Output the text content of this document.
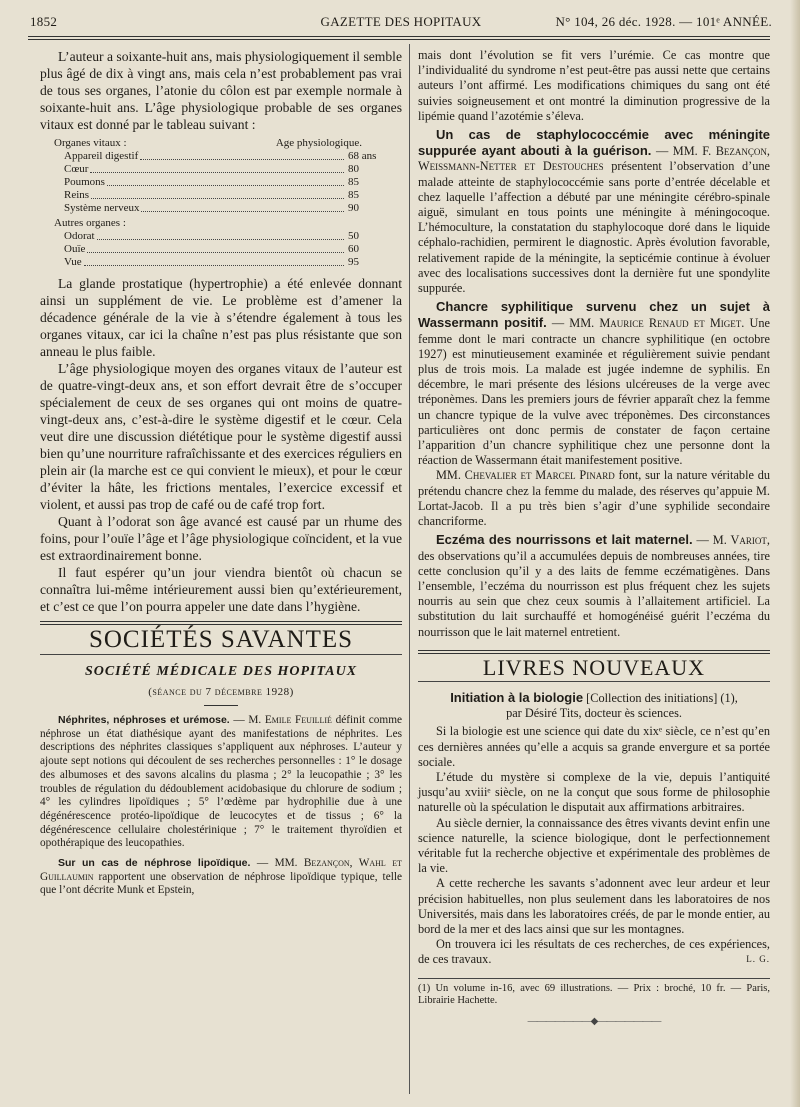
1852	GAZETTE DES HOPITAUX	N° 104, 26 déc. 1928. — 101ᵉ ANNÉE.

L’auteur a soixante-huit ans, mais physiologiquement il semble plus âgé de dix à vingt ans, mais cela n’est probablement pas vrai de tous ses organes, l’atonie du côlon est par exemple normale à soixante-huit ans. L’âge physiologique probable de ses organes vitaux est donné par le tableau suivant :

Organes vitaux :	Age physiologique.
Appareil digestif	68 ans
Cœur	80
Poumons	85
Reins	85
Système nerveux	90
Autres organes :
Odorat	50
Ouïe	60
Vue	95

La glande prostatique (hypertrophie) a été enlevée donnant ainsi un supplément de vie. Le problème est d’amener la décadence générale de la vie à s’étendre également à tous les organes vitaux, car ici la chaîne n’est pas plus résistante que son anneau le plus faible.

L’âge physiologique moyen des organes vitaux de l’auteur est de quatre-vingt-deux ans, et son effort devrait être de s’occuper spécialement de ceux de ses organes qui ont moins de quatre-vingt-deux ans, c’est-à-dire le système digestif et le cœur. Cela veut dire une discussion diététique pour le système digestif aussi bien qu’une nourriture rafraîchissante et des exercices réguliers en plein air (la marche est ce qui convient le mieux), et pour le cœur d’éviter la hâte, les frictions mentales, l’exercice excessif et violent, et aussi pas trop de café ou de café trop fort.

Quant à l’odorat son âge avancé est causé par un rhume des foins, pour l’ouïe l’âge et l’âge physiologique coïncident, et la vue est extraordinairement bonne.

Il faut espérer qu’un jour viendra bientôt où chacun se connaîtra lui-même intérieurement aussi bien qu’extérieurement, et c’est ce que l’on pourra appeler une date dans l’hygiène.

SOCIÉTÉS SAVANTES
SOCIÉTÉ MÉDICALE DES HOPITAUX
(séance du 7 décembre 1928)

Néphrites, néphroses et urémose. — M. Emile Feuillié définit comme néphrose un état diathésique ayant des manifestations de néphrites. Les descriptions des néphrites classiques s’appliquent aux néphroses. L’auteur y ajoute sept notions qui découlent de ses recherches personnelles : 1° le dosage des albumoses et des savons alcalins du plasma ; 2° la leucopathie ; 3° les troubles de régulation du dédoublement acidobasique du chlorure de sodium ; 4° les cylindres lipoïdiques ; 5° l’œdème par hydrophilie due à une dégénérescence protéo-lipoïdique de leucocytes et de tissus ; 6° la dégénérescence cellulaire cholestérinique ; 7° le traitement thyroïdien et opothérapique des leucopathies.

Sur un cas de néphrose lipoïdique. — MM. Bezançon, Wahl et Guillaumin rapportent une observation de néphrose lipoïdique typique, telle que l’ont décrite Munk et Epstein,

mais dont l’évolution se fit vers l’urémie. Ce cas montre que l’individualité du syndrome n’est peut-être pas aussi nette que certains auteurs l’ont affirmé. Les modifications chimiques du sang ont été suivies soigneusement et ont montré la diminution progressive de la lipémie quand l’azotémie s’éleva.

Un cas de staphylococcémie avec méningite suppurée ayant abouti à la guérison. — MM. F. Bezançon, Weissmann-Netter et Destouches présentent l’observation d’une malade atteinte de staphylococcémie sans porte d’entrée décelable et chez laquelle l’affection a débuté par une méningite cérébro-spinale aiguë, simulant en tous points une méningite à méningocoque. L’hémoculture, la constatation du staphylocoque doré dans le liquide céphalo-rachidien, permirent le diagnostic. Après évolution favorable, relativement rapide de la méningite, la septicémie continue à évoluer avec des localisations successives dont la dernière fut une spondylite suppurée.

Chancre syphilitique survenu chez un sujet à Wassermann positif. — MM. Maurice Renaud et Miget. Une femme dont le mari contracte un chancre syphilitique (en octobre 1927) est minutieusement examinée et régulièrement suivie pendant plus de trois mois. La malade est jugée indemne de syphilis. En décembre, le mari présente des lésions ulcéreuses de la verge avec tréponèmes. Dans les premiers jours de février apparaît chez la femme un chancre typique de la vulve avec tréponèmes. Des circonstances particulières ont donc permis de constater de façon certaine l’apparition d’un chancre syphilitique chez une personne dont la réaction de Wassermann était manifestement positive.

MM. Chevalier et Marcel Pinard font, sur la nature véritable du prétendu chancre chez la femme du malade, des réserves qu’appuie M. Lortat-Jacob. Il a pu très bien s’agir d’une syphilide secondaire chancriforme.

Eczéma des nourrissons et lait maternel. — M. Variot, des observations qu’il a accumulées depuis de nombreuses années, tire cette conclusion qu’il y a des laits de femme eczématigènes. Dans l’ensemble, l’eczéma du nourrisson est plus fréquent chez les sujets nourris au sein que chez ceux soumis à l’allaitement artificiel. La substitution du lait surchauffé et homogénéisé guérit l’eczéma du nourrisson que le lait maternel entretient.

LIVRES NOUVEAUX

Initiation à la biologie [Collection des initiations] (1),
par Désiré Tits, docteur ès sciences.

Si la biologie est une science qui date du xixᵉ siècle, ce n’est qu’en ces dernières années qu’elle a acquis sa grande envergure et sa portée sociale.

L’étude du mystère si complexe de la vie, depuis l’antiquité jusqu’au xviiiᵉ siècle, on ne la conçut que sous forme de philosophie naturelle où la spéculation le disputait aux affirmations arbitraires.

Au siècle dernier, la connaissance des êtres vivants devint enfin une science naturelle, la science biologique, dont le perfectionnement véritable fut la recherche objective et expérimentale des problèmes de la vie.

A cette recherche les savants s’adonnent avec leur ardeur et leur précision habituelles, non plus seulement dans les laboratoires de nos Universités, mais dans les laboratoires créés, de par le monde entier, au bord de la mer et des lacs ainsi que sur les montagnes.

On trouvera ici les résultats de ces recherches, de ces expériences, de ces travaux.	L. G.

(1) Un volume in-16, avec 69 illustrations. — Prix : broché, 10 fr. — Paris, Librairie Hachette.

———————◆———————
